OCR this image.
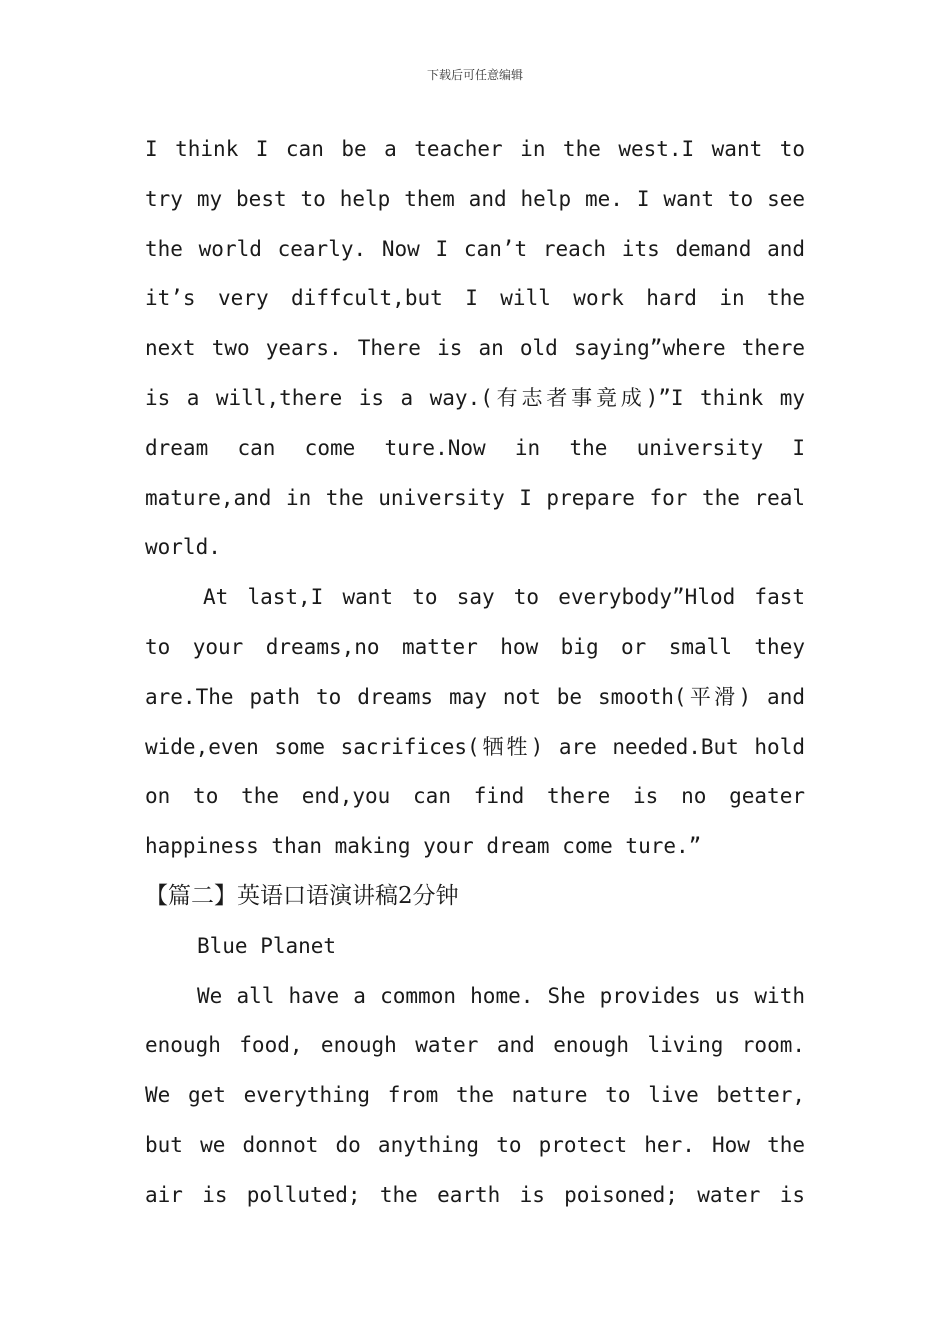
下载后可任意编辑
I think I can be a teacher in the west.I want to
try my best to help them and help me. I want to see
the world cearly. Now I can’t reach its demand and
it’s very diffcult,but I will work hard in the
next two years. There is an old saying”where there
is a will,there is a way.(有志者事竟成)”I think my
dream can come ture.Now in the university I
mature,and in the university I prepare for the real
world.
At last,I want to say to everybody”Hlod fast
to your dreams,no matter how big or small they
are.The path to dreams may not be smooth(平滑) and
wide,even some sacrifices(牺牲) are needed.But hold
on to the end,you can find there is no geater
happiness than making your dream come ture.”
【篇二】英语口语演讲稿2分钟
Blue Planet
We all have a common home. She provides us with
enough food, enough water and enough living room.
We get everything from the nature to live better,
but we donnot do anything to protect her. How the
air is polluted; the earth is poisoned; water is
